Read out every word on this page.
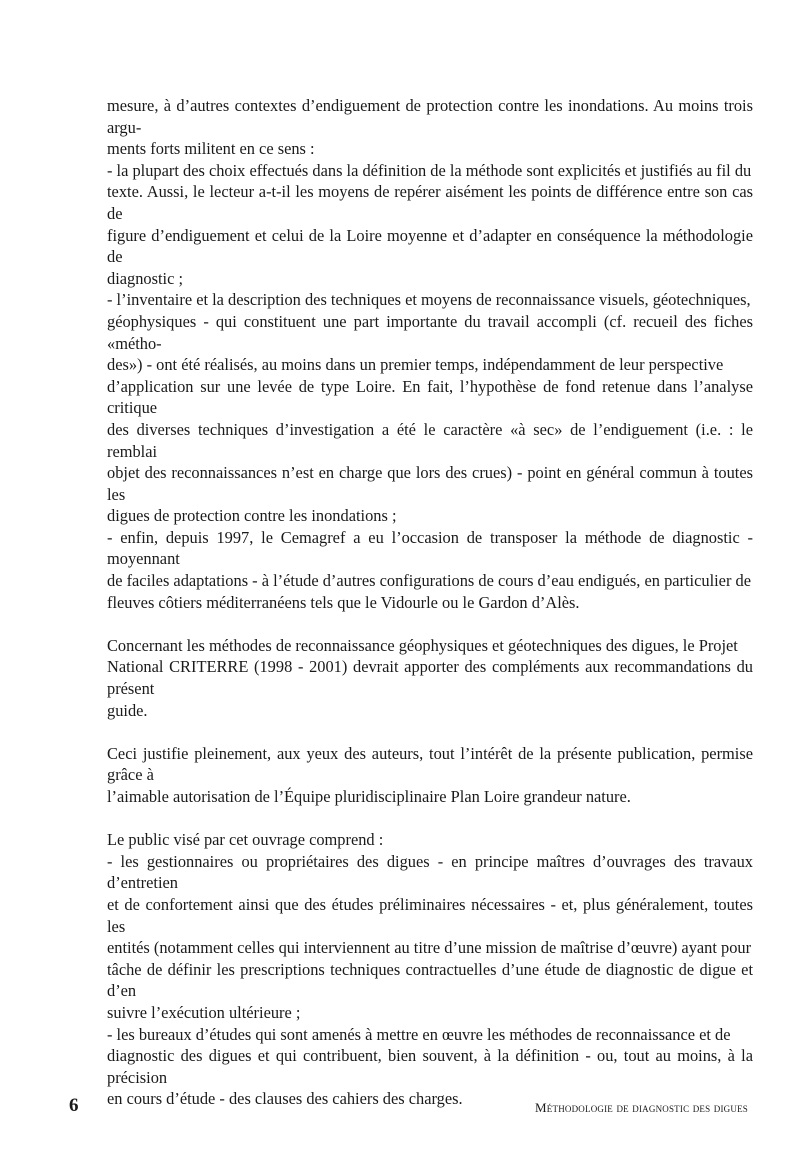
mesure, à d’autres contextes d’endiguement de protection contre les inondations. Au moins trois argu-
ments forts militent en ce sens :
- la plupart des choix effectués dans la définition de la méthode sont explicités et justifiés au fil du
texte. Aussi, le lecteur a-t-il les moyens de repérer aisément les points de différence entre son cas de
figure d’endiguement et celui de la Loire moyenne et d’adapter en conséquence la méthodologie de
diagnostic ;
- l’inventaire et la description des techniques et moyens de reconnaissance visuels, géotechniques,
géophysiques - qui constituent une part importante du travail accompli (cf. recueil des fiches «métho-
des») - ont été réalisés, au moins dans un premier temps, indépendamment de leur perspective
d’application sur une levée de type Loire. En fait, l’hypothèse de fond retenue dans l’analyse critique
des diverses techniques d’investigation a été le caractère «à sec» de l’endiguement (i.e. : le remblai
objet des reconnaissances n’est en charge que lors des crues) - point en général commun à toutes les
digues de protection contre les inondations ;
- enfin, depuis 1997, le Cemagref a eu l’occasion de transposer la méthode de diagnostic - moyennant
de faciles adaptations - à l’étude d’autres configurations de cours d’eau endigués, en particulier de
fleuves côtiers méditerranéens tels que le Vidourle ou le Gardon d’Alès.

Concernant les méthodes de reconnaissance géophysiques et géotechniques des digues, le Projet
National CRITERRE (1998 - 2001) devrait apporter des compléments aux recommandations du présent
guide.

Ceci justifie pleinement, aux yeux des auteurs, tout l’intérêt de la présente publication, permise grâce à
l’aimable autorisation de l’Équipe pluridisciplinaire Plan Loire grandeur nature.

Le public visé par cet ouvrage comprend :
- les gestionnaires ou propriétaires des digues - en principe maîtres d’ouvrages des travaux d’entretien
et de confortement ainsi que des études préliminaires nécessaires - et, plus généralement, toutes les
entités (notamment celles qui interviennent au titre d’une mission de maîtrise d’œuvre) ayant pour
tâche de définir les prescriptions techniques contractuelles d’une étude de diagnostic de digue et d’en
suivre l’exécution ultérieure ;
- les bureaux d’études qui sont amenés à mettre en œuvre les méthodes de reconnaissance et de
diagnostic des digues et qui contribuent, bien souvent, à la définition - ou, tout au moins, à la précision
en cours d’étude - des clauses des cahiers des charges.

6	Méthodologie de diagnostic des digues
